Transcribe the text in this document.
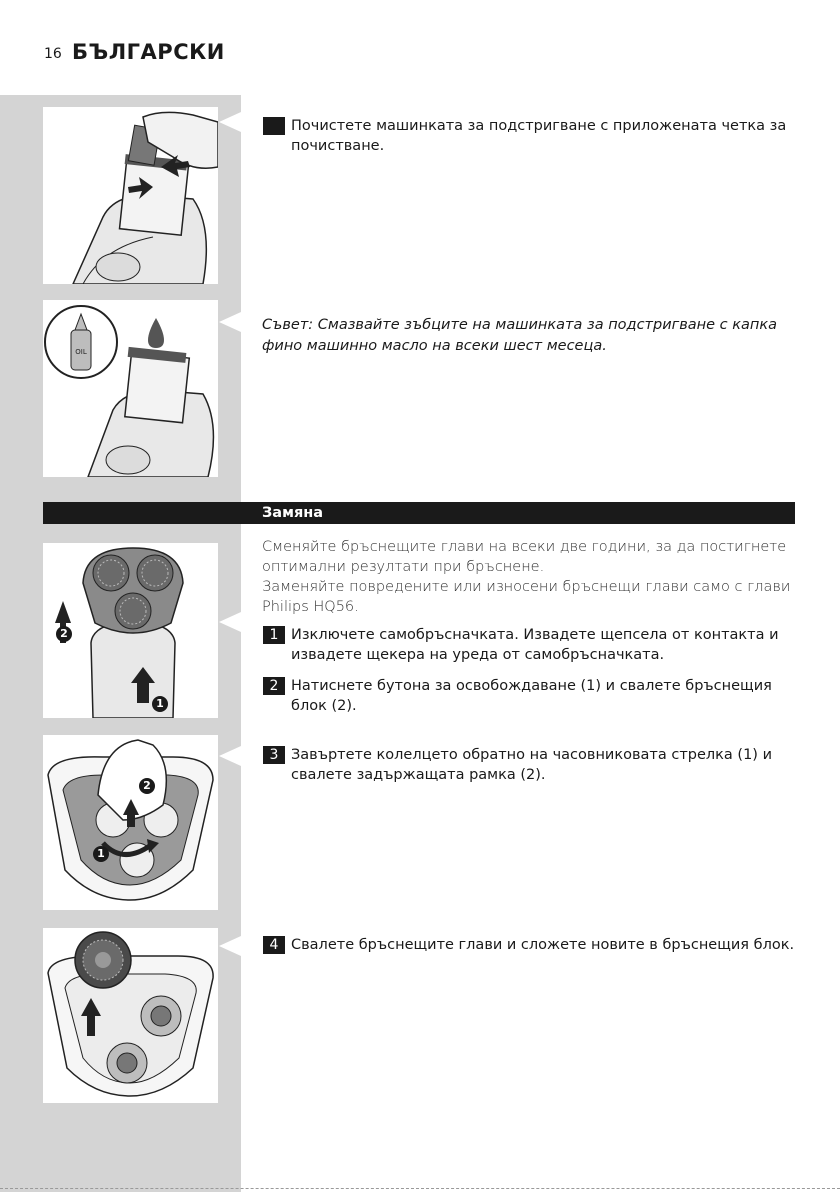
16 БЪЛГАРСКИ
OIL
Почистете машинката за подстригване с приложената четка за почистване.
Съвет: Смазвайте зъбците на машинката за подстригване с капка фино машинно масло на всеки шест месеца.
Замяна
Сменяйте бръснещите глави на всеки две години, за да постигнете оптимални резултати при бръснене.
Заменяйте повредените или износени бръснещи глави само с глави Philips HQ56.
2
1
1 Изключете самобръсначката. Извадете щепсела от контакта и извадете щекера на уреда от самобръсначката.
2 Натиснете бутона за освобождаване (1) и свалете бръснещия блок (2).
2
1
3 Завъртете колелцето обратно на часовниковата стрелка (1) и свалете задържащата рамка (2).
4 Свалете бръснещите глави и сложете новите в бръснещия блок.
